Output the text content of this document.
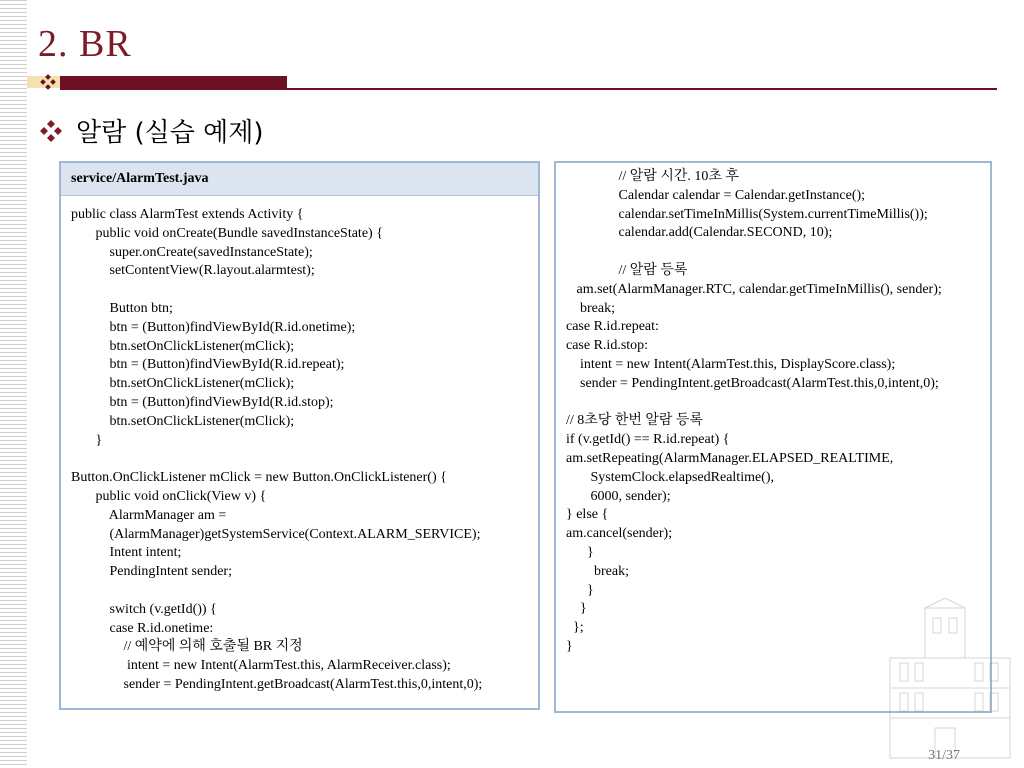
2. BR
알람 (실습 예제)
service/AlarmTest.java
public class AlarmTest extends Activity {
public void onCreate(Bundle savedInstanceState) {
super.onCreate(savedInstanceState);
setContentView(R.layout.alarmtest);
Button btn;
btn = (Button)findViewById(R.id.onetime);
btn.setOnClickListener(mClick);
btn = (Button)findViewById(R.id.repeat);
btn.setOnClickListener(mClick);
btn = (Button)findViewById(R.id.stop);
btn.setOnClickListener(mClick);
}
Button.OnClickListener mClick = new Button.OnClickListener() {
public void onClick(View v) {
AlarmManager am =
(AlarmManager)getSystemService(Context.ALARM_SERVICE);
Intent intent;
PendingIntent sender;
switch (v.getId()) {
case R.id.onetime:
// 예약에 의해 호출될 BR 지정
intent = new Intent(AlarmTest.this, AlarmReceiver.class);
sender = PendingIntent.getBroadcast(AlarmTest.this,0,intent,0);
// 알람 시간. 10초 후
Calendar calendar = Calendar.getInstance();
calendar.setTimeInMillis(System.currentTimeMillis());
calendar.add(Calendar.SECOND, 10);
// 알람 등록
am.set(AlarmManager.RTC, calendar.getTimeInMillis(), sender);
break;
case R.id.repeat:
case R.id.stop:
intent = new Intent(AlarmTest.this, DisplayScore.class);
sender = PendingIntent.getBroadcast(AlarmTest.this,0,intent,0);
// 8초당 한번 알람 등록
if (v.getId() == R.id.repeat) {
am.setRepeating(AlarmManager.ELAPSED_REALTIME,
SystemClock.elapsedRealtime(),
6000, sender);
} else {
am.cancel(sender);
}
break;
}
}
};
}
31/37
